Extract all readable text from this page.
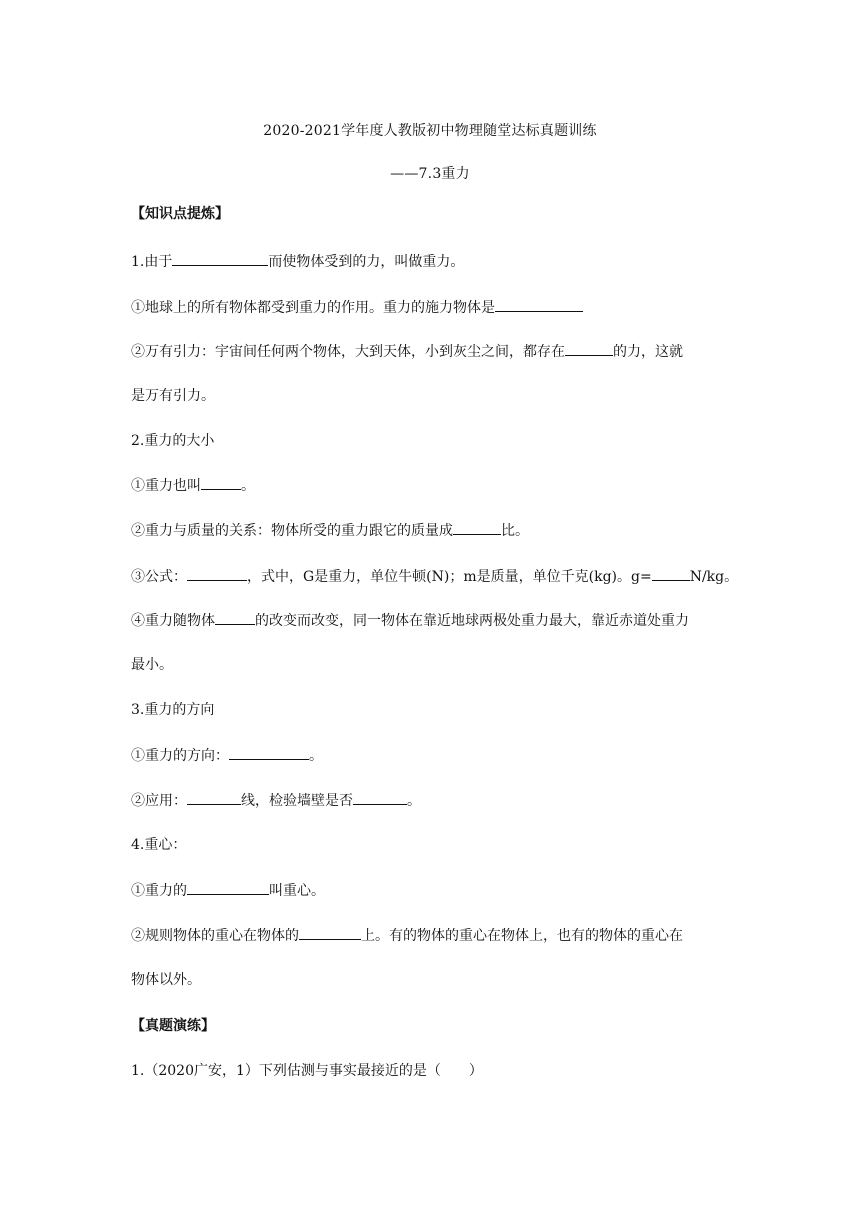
2020-2021学年度人教版初中物理随堂达标真题训练
——7.3重力
【知识点提炼】
1.由于	而使物体受到的力，叫做重力。
①地球上的所有物体都受到重力的作用。重力的施力物体是
②万有引力：宇宙间任何两个物体，大到天体，小到灰尘之间，都存在	的力，这就
是万有引力。
2.重力的大小
①重力也叫	。
②重力与质量的关系：物体所受的重力跟它的质量成	比。
③公式：	，式中，G是重力，单位牛顿(N)；m是质量，单位千克(kg)。g=	N/kg。
④重力随物体	的改变而改变，同一物体在靠近地球两极处重力最大，靠近赤道处重力
最小。
3.重力的方向
①重力的方向：	。
②应用：	线，检验墙壁是否	。
4.重心：
①重力的	叫重心。
②规则物体的重心在物体的	上。有的物体的重心在物体上，也有的物体的重心在
物体以外。
【真题演练】
1.（2020广安，1）下列估测与事实最接近的是（　　）
